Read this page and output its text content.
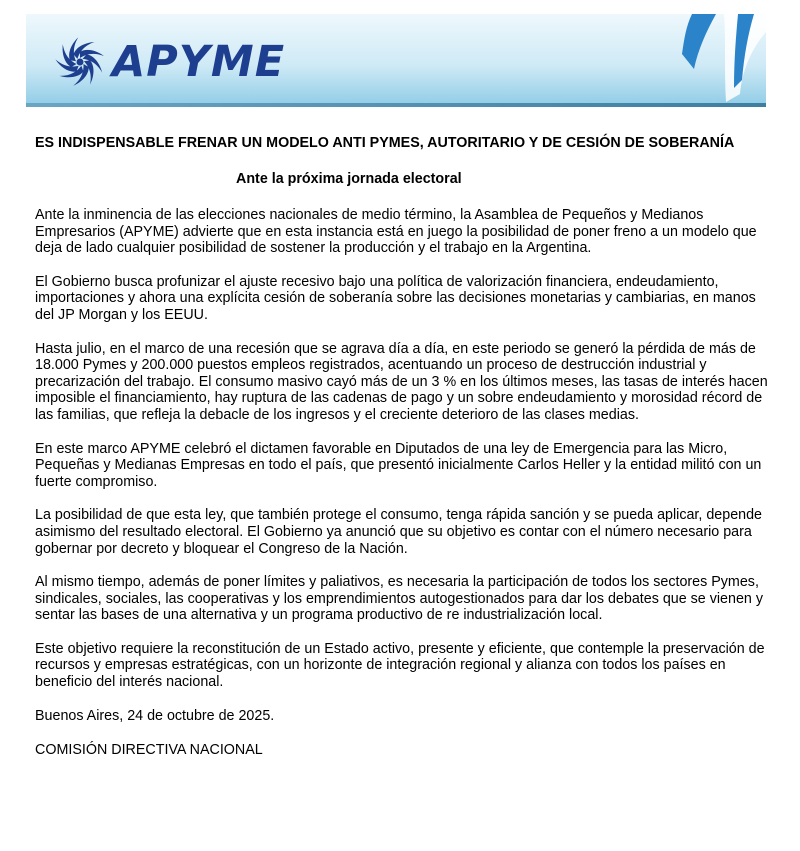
APYME
ES INDISPENSABLE FRENAR UN MODELO ANTI PYMES, AUTORITARIO Y DE CESIÓN DE SOBERANÍA
Ante la próxima jornada electoral

Ante la inminencia de las elecciones nacionales de medio término, la Asamblea de Pequeños y Medianos Empresarios (APYME) advierte que en esta instancia está en juego la posibilidad de poner freno a un modelo que deja de lado cualquier posibilidad de sostener la producción y el trabajo en la Argentina.

El Gobierno busca profunizar el ajuste recesivo bajo una política de valorización financiera, endeudamiento, importaciones y ahora una explícita cesión de soberanía sobre las decisiones monetarias y cambiarias, en manos del JP Morgan y los EEUU.

Hasta julio, en el marco de una recesión que se agrava día a día, en este periodo se generó la pérdida de más de 18.000 Pymes y 200.000 puestos empleos registrados, acentuando un proceso de destrucción industrial y precarización del trabajo. El consumo masivo cayó más de un 3 % en los últimos meses, las tasas de interés hacen imposible el financiamiento, hay ruptura de las cadenas de pago y un sobre endeudamiento y morosidad récord de las familias, que refleja la debacle de los ingresos y el creciente deterioro de las clases medias.

En este marco APYME celebró el dictamen favorable en Diputados de una ley de Emergencia para las Micro, Pequeñas y Medianas Empresas en todo el país, que presentó inicialmente Carlos Heller y la entidad militó con un fuerte compromiso.

La posibilidad de que esta ley, que también protege el consumo, tenga rápida sanción y se pueda aplicar, depende asimismo del resultado electoral. El Gobierno ya anunció que su objetivo es contar con el número necesario para gobernar por decreto y bloquear el Congreso de la Nación.

Al mismo tiempo, además de poner límites y paliativos, es necesaria la participación de todos los sectores Pymes, sindicales, sociales, las cooperativas y los emprendimientos autogestionados para dar los debates que se vienen y sentar las bases de una alternativa y un programa productivo de re industrialización local.

Este objetivo requiere la reconstitución de un Estado activo, presente y eficiente, que contemple la preservación de recursos y empresas estratégicas, con un horizonte de integración regional y alianza con todos los países en beneficio del interés nacional.

Buenos Aires, 24 de octubre de 2025.

COMISIÓN DIRECTIVA NACIONAL
